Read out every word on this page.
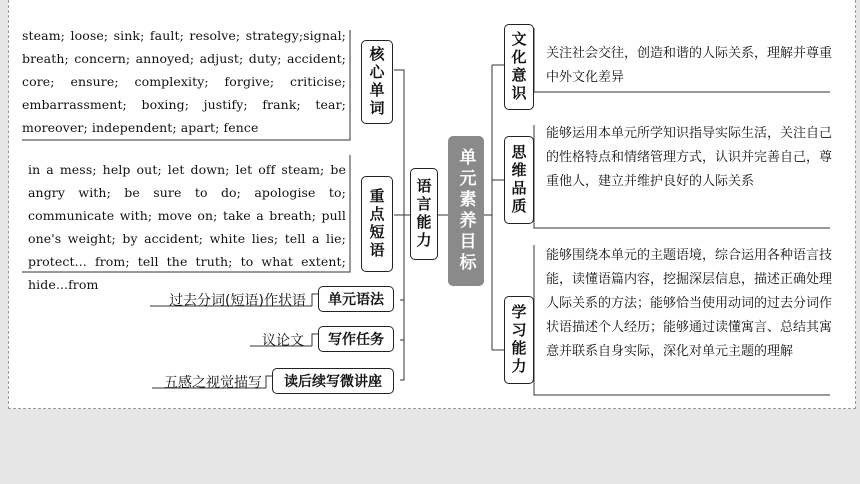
steam; loose; sink; fault; resolve; strategy;signal; breath; concern; annoyed; adjust; duty; accident; core; ensure; complexity; forgive; criticise; embarrassment; boxing; justify; frank; tear; moreover; independent; apart; fence
核心单词
in a mess; help out; let down; let off steam; be angry with; be sure to do; apologise to; communicate with; move on; take a breath; pull one's weight; by accident; white lies; tell a lie; protect... from; tell the truth; to what extent; hide...from
重点短语	语言能力
过去分词(短语)作状语	单元语法
议论文	写作任务
五感之视觉描写	读后续写微讲座
单元素养目标
文化意识	关注社会交往，创造和谐的人际关系，理解并尊重中外文化差异
思维品质
能够运用本单元所学知识指导实际生活，关注自己的性格特点和情绪管理方式，认识并完善自己，尊重他人，建立并维护良好的人际关系
学习能力
能够围绕本单元的主题语境，综合运用各种语言技能，读懂语篇内容，挖掘深层信息，描述正确处理人际关系的方法；能够恰当使用动词的过去分词作状语描述个人经历；能够通过读懂寓言、总结其寓意并联系自身实际，深化对单元主题的理解
